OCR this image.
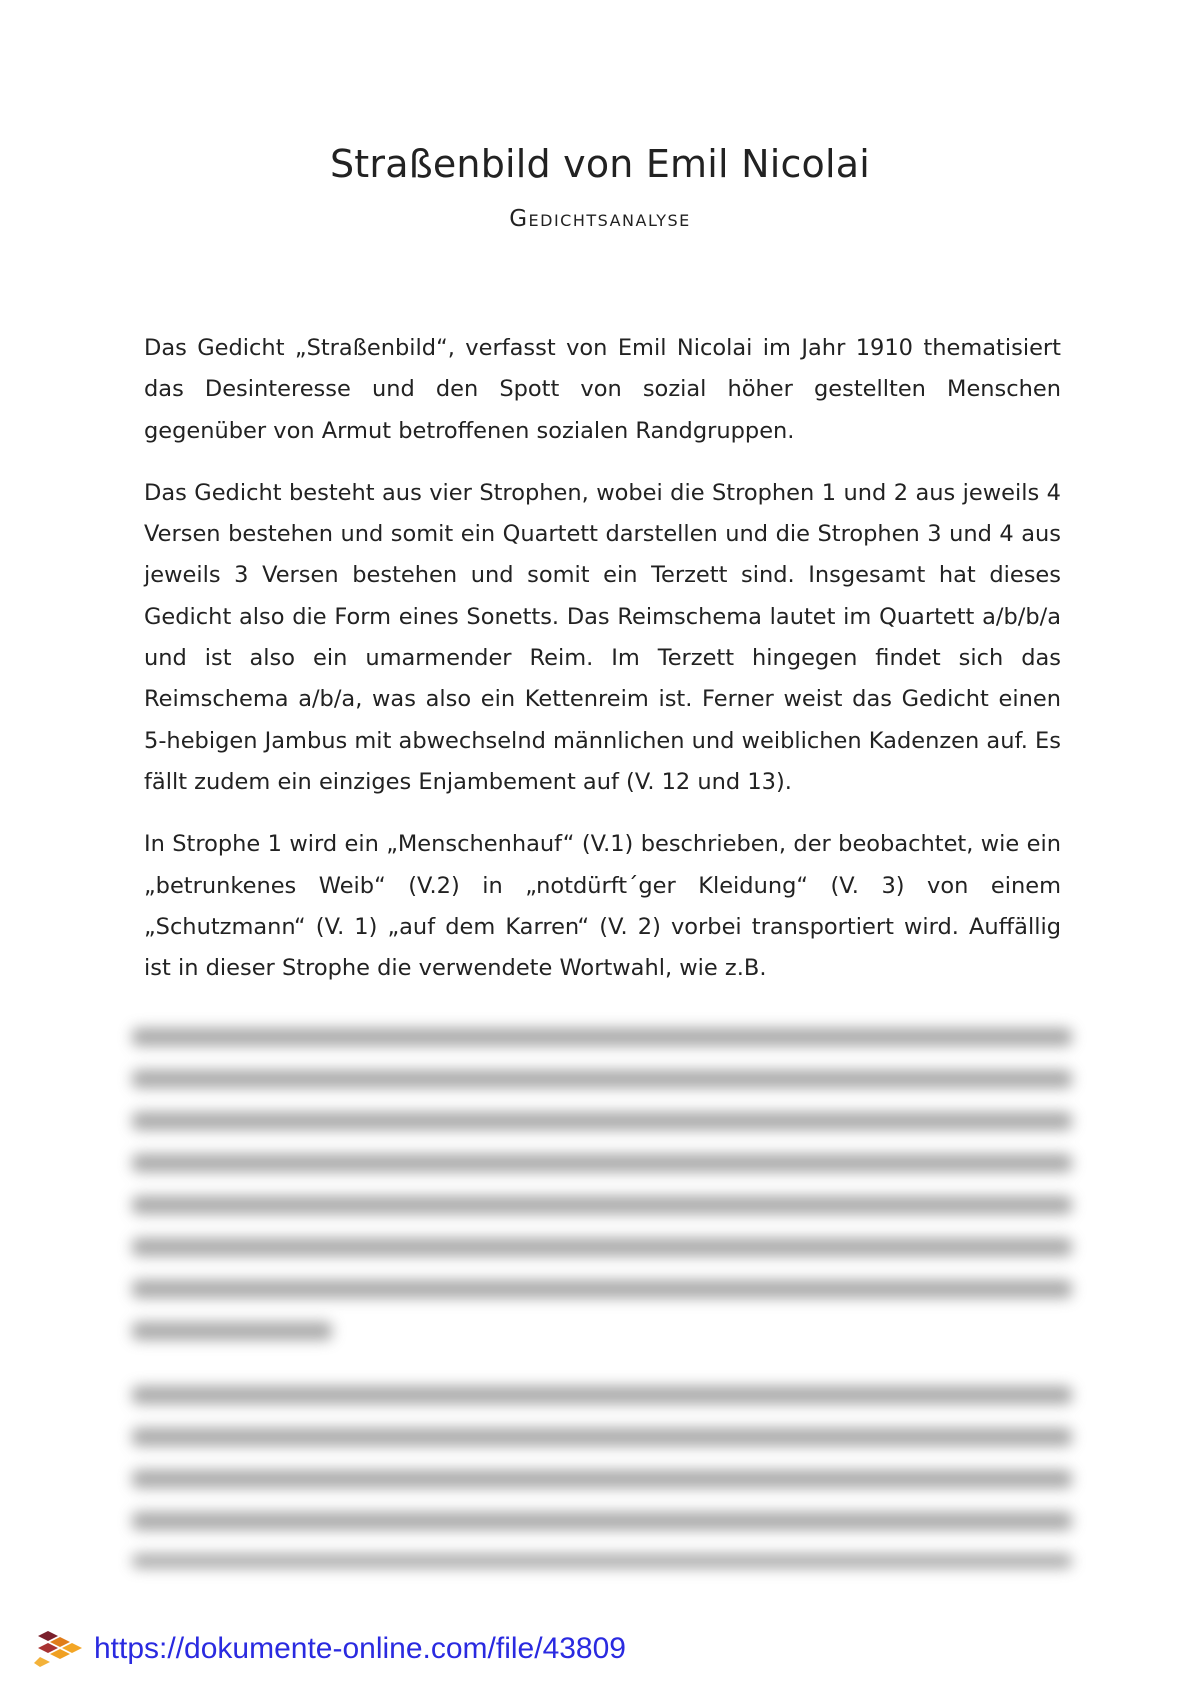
Straßenbild von Emil Nicolai
Gedichtsanalyse

Das Gedicht „Straßenbild“, verfasst von Emil Nicolai im Jahr 1910 thematisiert das Desinteresse und den Spott von sozial höher gestellten Menschen gegenüber von Armut betroffenen sozialen Randgruppen.

Das Gedicht besteht aus vier Strophen, wobei die Strophen 1 und 2 aus jeweils 4 Versen bestehen und somit ein Quartett darstellen und die Strophen 3 und 4 aus jeweils 3 Versen bestehen und somit ein Terzett sind. Insgesamt hat dieses Gedicht also die Form eines Sonetts. Das Reimschema lautet im Quartett a/b/b/a und ist also ein umarmender Reim. Im Terzett hingegen findet sich das Reimschema a/b/a, was also ein Kettenreim ist. Ferner weist das Gedicht einen 5-hebigen Jambus mit abwechselnd männlichen und weiblichen Kadenzen auf. Es fällt zudem ein einziges Enjambement auf (V. 12 und 13).

In Strophe 1 wird ein „Menschenhauf“ (V.1) beschrieben, der beobachtet, wie ein „betrunkenes Weib“ (V.2) in „notdürft´ger Kleidung“ (V. 3) von einem „Schutzmann“ (V. 1) „auf dem Karren“ (V. 2) vorbei transportiert wird. Auffällig ist in dieser Strophe die verwendete Wortwahl, wie z.B.

https://dokumente-online.com/file/43809
